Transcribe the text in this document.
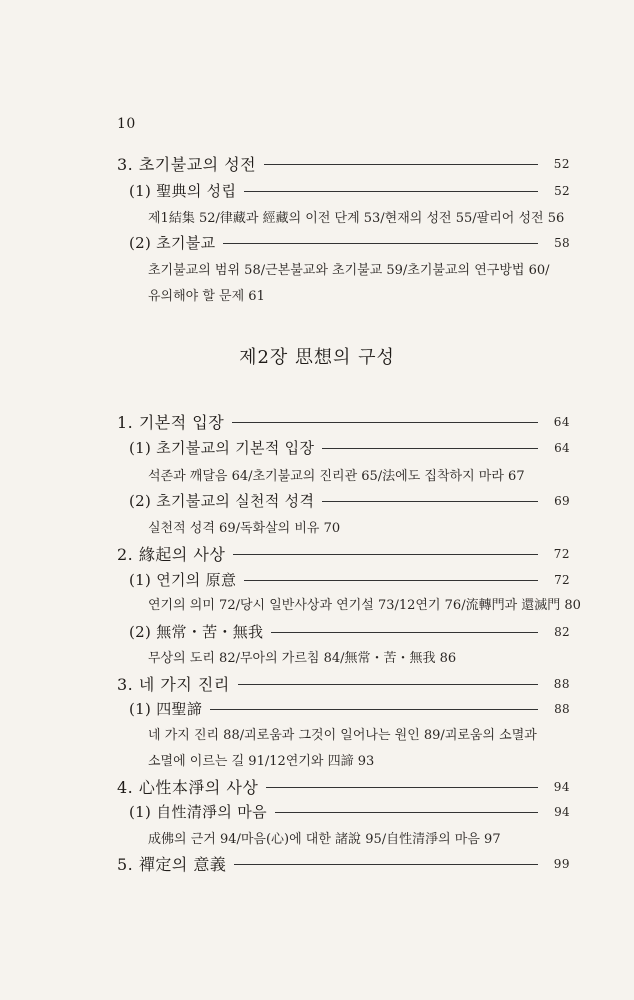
10
3. 초기불교의 성전	52
(1) 聖典의 성립	52
제1結集 52/律藏과 經藏의 이전 단계 53/현재의 성전 55/팔리어 성전 56
(2) 초기불교	58
초기불교의 범위 58/근본불교와 초기불교 59/초기불교의 연구방법 60/
유의해야 할 문제 61
제2장 思想의 구성
1. 기본적 입장	64
(1) 초기불교의 기본적 입장	64
석존과 깨달음 64/초기불교의 진리관 65/法에도 집착하지 마라 67
(2) 초기불교의 실천적 성격	69
실천적 성격 69/독화살의 비유 70
2. 緣起의 사상	72
(1) 연기의 原意	72
연기의 의미 72/당시 일반사상과 연기설 73/12연기 76/流轉門과 還滅門 80
(2) 無常・苦・無我	82
무상의 도리 82/무아의 가르침 84/無常・苦・無我 86
3. 네 가지 진리	88
(1) 四聖諦	88
네 가지 진리 88/괴로움과 그것이 일어나는 원인 89/괴로움의 소멸과
소멸에 이르는 길 91/12연기와 四諦 93
4. 心性本淨의 사상	94
(1) 自性清淨의 마음	94
成佛의 근거 94/마음(心)에 대한 諸說 95/自性清淨의 마음 97
5. 禪定의 意義	99
